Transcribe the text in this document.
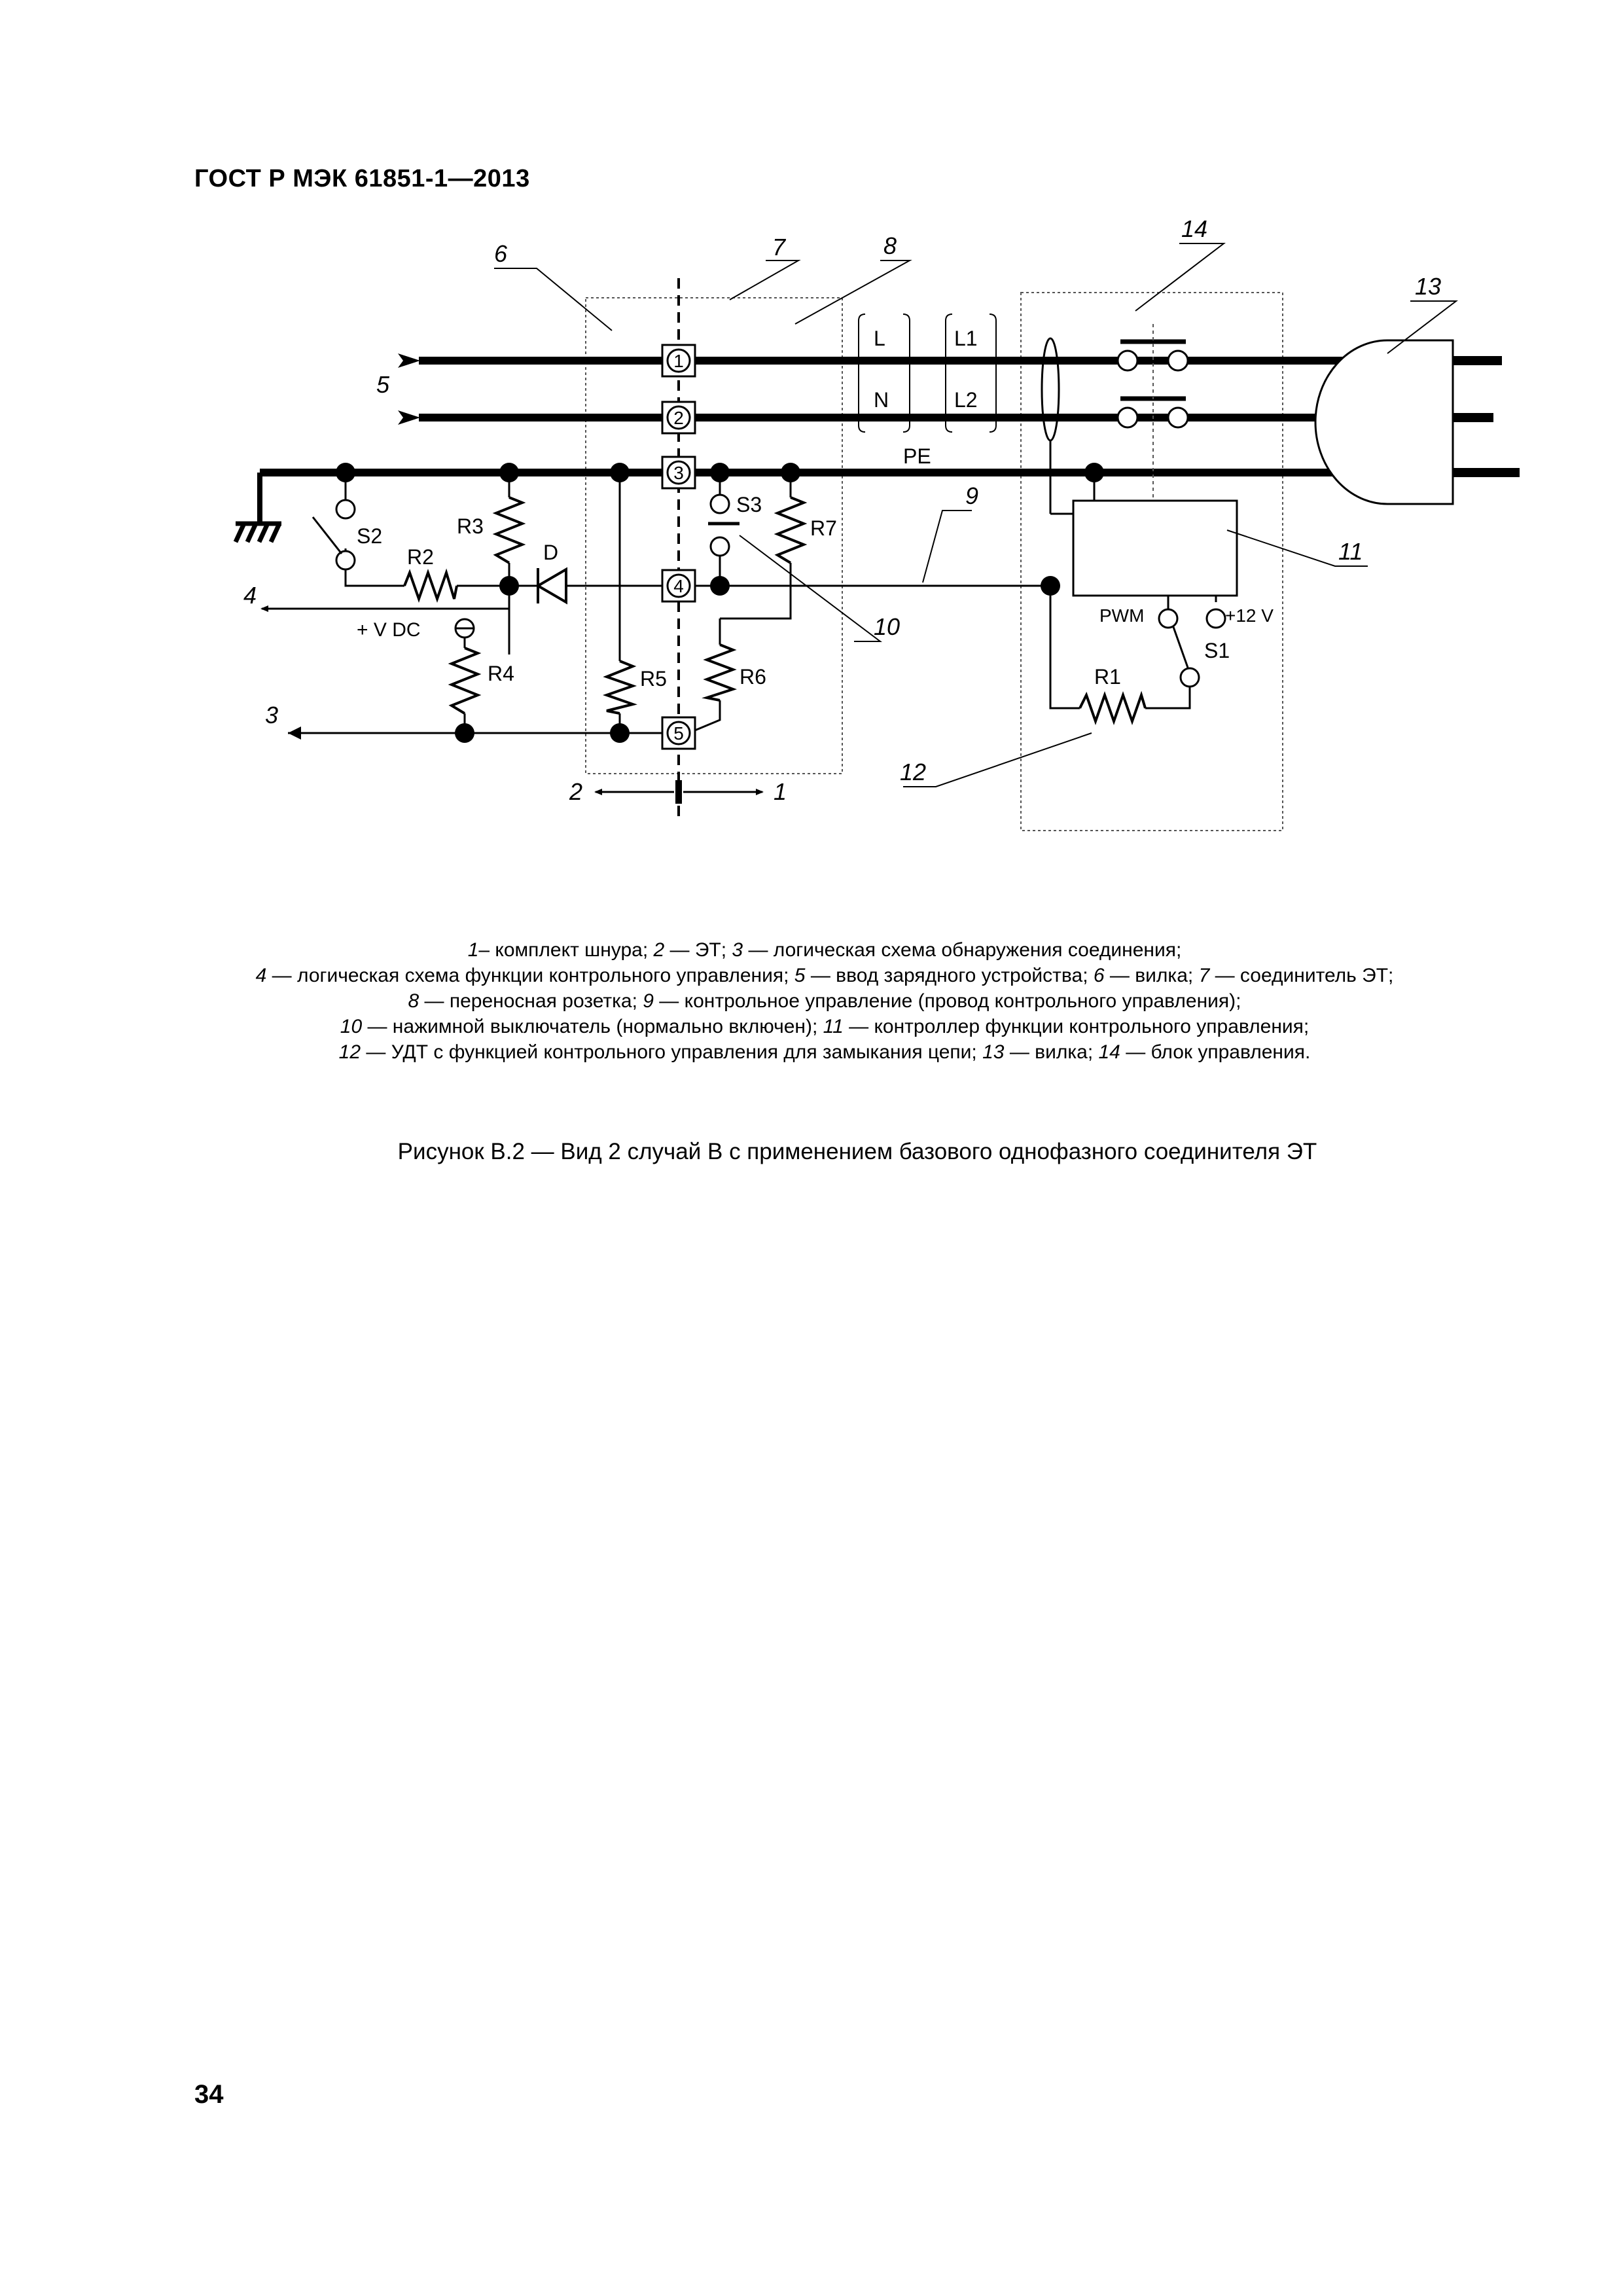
ГОСТ Р МЭК 61851-1—2013
1
2
3
4
5
6	7	8
14
13
5
9
11
4
10
3
12
2	1
S2	R3
R2	D
+ V DC
R4	R5	R6
S3
R7
L
N
L1
L2
PE
PWM	+12 V
S1
R1
1– комплект шнура; 2 — ЭТ; 3 — логическая схема обнаружения соединения;
4 — логическая схема функции контрольного управления; 5 — ввод зарядного устройства; 6 — вилка; 7 — соединитель ЭТ;
8 — переносная розетка; 9 — контрольное управление (провод контрольного управления);
10 — нажимной выключатель (нормально включен); 11 — контроллер функции контрольного управления;
12 — УДТ с функцией контрольного управления для замыкания цепи; 13 — вилка; 14 — блок управления.
Рисунок В.2 — Вид 2 случай В с применением базового однофазного соединителя ЭТ
34
